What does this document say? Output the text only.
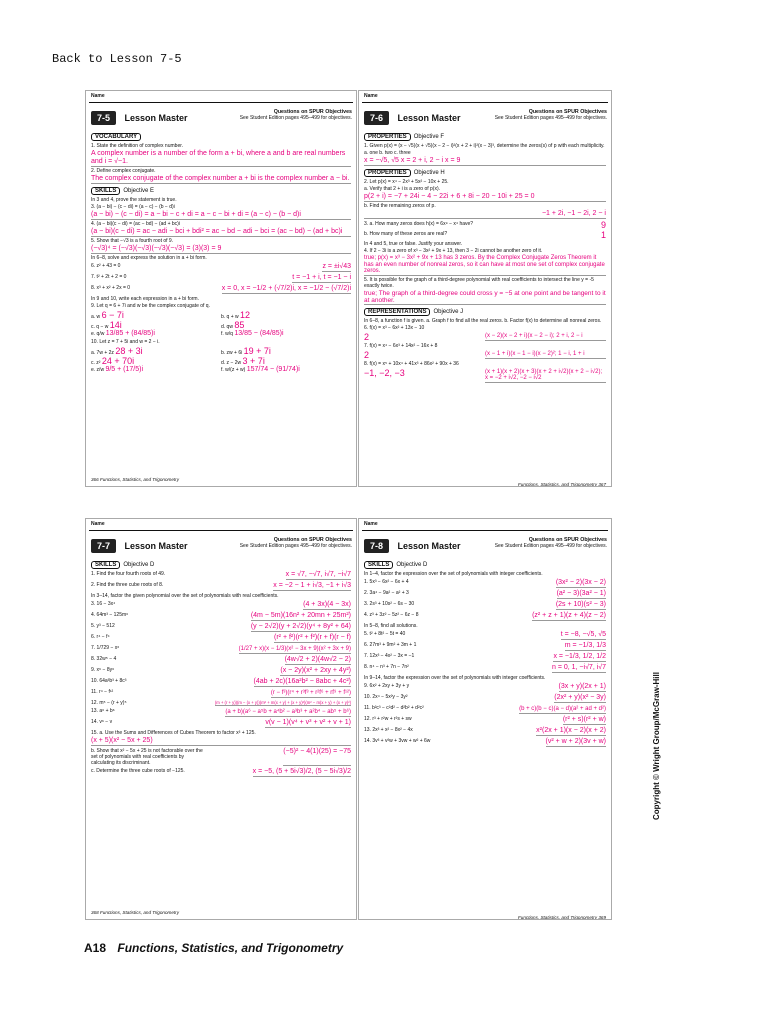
Back to Lesson 7-5
Name
7-5 Lesson Master
Questions on SPUR Objectives
See Student Edition pages 495–499 for objectives.
VOCABULARY
1. State the definition of complex number.
A complex number is a number of the form a + bi, where a and b are real numbers and i = √−1.
2. Define complex conjugate.
The complex conjugate of the complex number a + bi is the complex number a − bi.
SKILLS Objective E
In 3 and 4, prove the statement is true.
3. (a − bi) − (c − di) = (a − c) − (b − d)i
(a − bi) − (c − di) = a − bi − c + di = a − c − bi + di = (a − c) − (b − d)i
4. (a − bi)(c − di) = (ac − bd) − (ad + bc)i
(a − bi)(c − di) = ac − adi − bci + bdi² = ac − bd − adi − bci = (ac − bd) − (ad + bc)i
5. Show that −√3 is a fourth root of 9.
(−√3)⁴ = (−√3)(−√3)(−√3)(−√3) = (3)(3) = 9
In 6–8, solve and express the solution in a + bi form.
6. z² + 43 = 0	z = ±i√43
7. t² + 2t + 2 = 0	t = −1 + i, t = −1 − i
8. x³ + x² + 2x = 0	x = 0, x = −1/2 + (√7/2)i, x = −1/2 − (√7/2)i
In 9 and 10, write each expression in a + bi form.
9. Let q = 6 + 7i and w be the complex conjugate of q.
a. w 6 − 7i	b. q + w 12
c. q − w 14i	d. qw 85
e. q/w 13/85 + (84/85)i	f. w/q 13/85 − (84/85)i
10. Let z = 7 + 5i and w = 2 − i.
a. 7w + 2z 28 + 3i	b. zw + 6i 19 + 7i
c. z² 24 + 70i	d. z − 2w 3 + 7i
e. z/w 9/5 + (17/5)i	f. w/(z + w) 157/74 − (91/74)i
366 Functions, Statistics, and Trigonometry
Name
7-6 Lesson Master
Questions on SPUR Objectives
See Student Edition pages 495–499 for objectives.
PROPERTIES Objective F
1. Given p(x) = (x − √5)(x + √5)(x − 2 − i)²(x + 2 + i)²(x − 3)³, determine the zeros(s) of p with each multiplicity.
a. one b. two c. three
x = −√5, √5 x = 2 + i, 2 − i x = 9
PROPERTIES Objective H
2. Let p(x) = x⁴ − 2x³ + 5x² − 10x + 25.
a. Verify that 2 + i is a zero of p(x).
p(2 + i) = −7 + 24i − 4 − 22i + 6 + 8i − 20 − 10i + 25 = 0
b. Find the remaining zeros of p.
−1 + 2i, −1 − 2i, 2 − i
3. a. How many zeros does h(x) = 6x⁹ − x⁴ have?	9
b. How many of these zeros are real?	1
In 4 and 5, true or false. Justify your answer.
4. If 2 − 3i is a zero of x³ − 3x² + 9x + 13, then 3 − 2i cannot be another zero of it.
true; p(x) = x³ − 3x² + 9x + 13 has 3 zeros. By the Complex Conjugate Zeros Theorem it has an even number of nonreal zeros, so it can have at most one set of complex conjugate zeros.
5. It is possible for the graph of a third-degree polynomial with real coefficients to intersect the line y = -5 exactly twice.
true; The graph of a third-degree could cross y = −5 at one point and be tangent to it at another.
REPRESENTATIONS Objective J
In 6–8, a function f is given. a. Graph f to find all the real zeros. b. Factor f(x) to determine all nonreal zeros.
6. f(x) = x³ − 6x² + 13x − 10
2	(x − 2)(x − 2 + i)(x − 2 − i); 2 + i, 2 − i
7. f(x) = x⁴ − 6x³ + 14x² − 16x + 8
2	(x − 1 + i)(x − 1 − i)(x − 2)²; 1 − i, 1 + i
8. f(x) = x⁵ + 10x⁴ + 41x³ + 86x² + 90x + 36
−1, −2, −3	(x + 1)(x + 2)(x + 3)(x + 2 + i√2)(x + 2 − i√2); x = −2 + i√2, −2 − i√2
Functions, Statistics, and Trigonometry 367
Name
7-7 Lesson Master
Questions on SPUR Objectives
See Student Edition pages 495–499 for objectives.
SKILLS Objective D
1. Find the four fourth roots of 49.	x = √7, −√7, i√7, −i√7
2. Find the three cube roots of 8.	x = −2 − 1 + i√3, −1 + i√3
In 3–14, factor the given polynomial over the set of polynomials with real coefficients.
3. 16 − 3x⁴	(4 + 3x)(4 − 3x)
4. 64m³ − 125m⁶	(4m − 5m)(16n² + 20mn + 25m²)
5. y³ − 512	(y − 2√2)(y + 2√2)(y⁴ + 8y² + 64)
6. r⁴ − f⁴	(r² + f²)(r² + f²)(r + f)(r − f)
7. 1/729 − x⁶	(1/27 + x)(x − 1/3)(x² − 3x + 9)(x² + 3x + 9)
8. 32w⁵ − 4	(4w√2 + 2)(4w√2 − 2)
9. x⁶ − 8y⁶	(x − 2y)(x² + 2xy + 4y²)
10. 64a³b³ + 8c³	(4ab + 2c)(16a²b² − 8abc + 4c²)
11. r⁴ − f¹²	(r − f³)(r⁴ + r³f³ + r²f⁶ + rf⁹ + f¹²)
12. m⁵ − (r + y)⁵	(m + (r + y))(m − (x + y))(m² + m(x + y) + (x + y)²)(m² − m(x + y) + (x + y)²)
13. a⁶ + b⁶	(a + b)(a⁶ − a⁵b + a⁴b² − a³b³ + a²b⁴ − ab⁵ + b⁶)
14. v⁶ − v	v(v − 1)(v⁴ + v³ + v² + v + 1)
15. a. Use the Sums and Differences of Cubes Theorem to factor x³ + 125.
(x + 5)(x² − 5x + 25)
b. Show that x² − 5x + 25 is not factorable over the set of polynomials with real coefficients by calculating its discriminant.
(−5)² − 4(1)(25) = −75
c. Determine the three cube roots of −125.	x = −5, (5 + 5i√3)/2, (5 − 5i√3)/2
368 Functions, Statistics, and Trigonometry
Name
7-8 Lesson Master
Questions on SPUR Objectives
See Student Edition pages 495–499 for objectives.
SKILLS Objective D
In 1–4, factor the expression over the set of polynomials with integer coefficients.
1. 5x³ − 6x² − 6x + 4	(3x² − 2)(3x − 2)
2. 3a⁴ − 9a² − a² + 3	(a² − 3)(3a² − 1)
3. 2s³ + 10s² − 6s − 30	(2s + 10)(s² − 3)
4. z³ + 3z² − 5z² − 6z − 8	(z² + z + 1)(z + 4)(z − 2)
In 5–8, find all solutions.
5. t² + 8t² − 5t = 40	t = −8, −√5, √5
6. 27m³ + 9m² + 3m + 1	m = −1/3, 1/3
7. 12x³ − 4x² − 3x = −1	x = −1/3, 1/2, 1/2
8. n⁴ − n³ + 7n − 7n²	n = 0, 1, −i√7, i√7
In 9–14, factor the expression over the set of polynomials with integer coefficients.
9. 6x² + 2xy + 3y + y	(3x + y)(2x + 1)
10. 2x⁴ − 5x²y − 3y²	(2x² + y)(x² − 3y)
11. b²c³ − c²d² − d²b² + d²c²	(b + c)(b − c)(a − d)(a² + ad + d²)
12. r³ + r²w + r²s + sw	(r² + s)(r² + w)
13. 2x³ + x² − 8x² − 4x	x²(2x + 1)(x − 2)(x + 2)
14. 3v³ + v²w + 3vw + w² + 6w	(v² + w + 2)(3v + w)
Functions, Statistics, and Trigonometry 369
Copyright © Wright Group/McGraw-Hill
A18 Functions, Statistics, and Trigonometry
